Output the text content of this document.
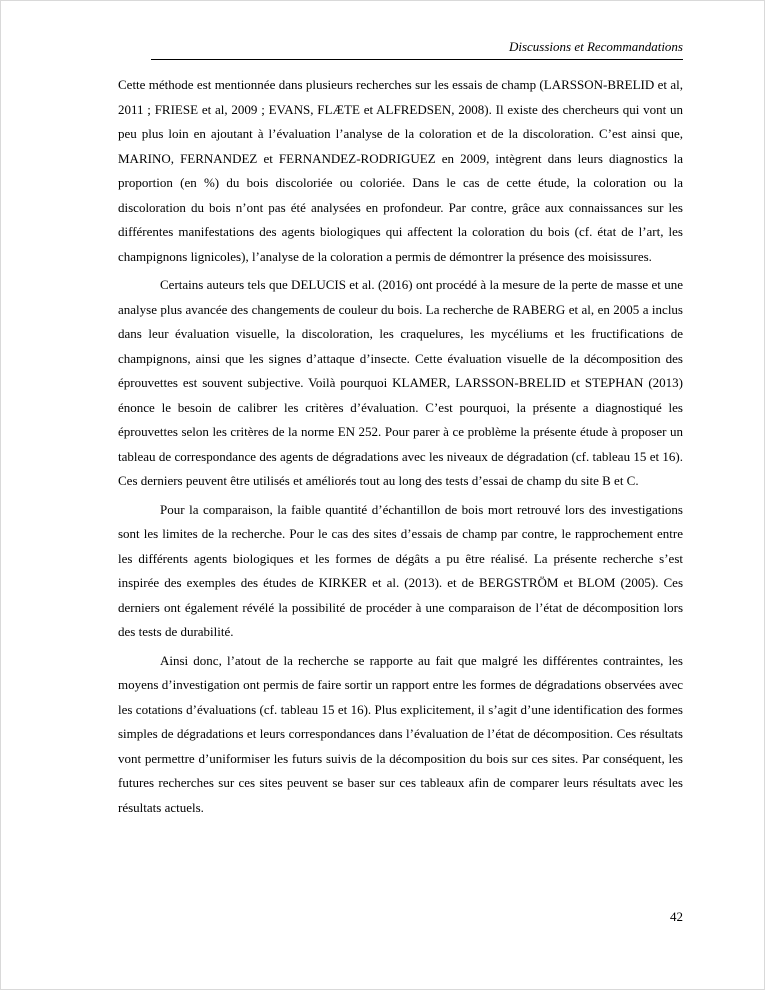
Discussions et Recommandations

Cette méthode est mentionnée dans plusieurs recherches sur les essais de champ (LARSSON-BRELID et al, 2011 ; FRIESE et al, 2009 ; EVANS, FLÆTE et ALFREDSEN, 2008). Il existe des chercheurs qui vont un peu plus loin en ajoutant à l’évaluation l’analyse de la coloration et de la discoloration. C’est ainsi que, MARINO, FERNANDEZ et FERNANDEZ-RODRIGUEZ en 2009, intègrent dans leurs diagnostics la proportion (en %) du bois discoloriée ou coloriée. Dans le cas de cette étude, la coloration ou la discoloration du bois n’ont pas été analysées en profondeur. Par contre, grâce aux connaissances sur les différentes manifestations des agents biologiques qui affectent la coloration du bois (cf. état de l’art, les champignons lignicoles), l’analyse de la coloration a permis de démontrer la présence des moisissures.

Certains auteurs tels que DELUCIS et al. (2016) ont procédé à la mesure de la perte de masse et une analyse plus avancée des changements de couleur du bois. La recherche de RABERG et al, en 2005 a inclus dans leur évaluation visuelle, la discoloration, les craquelures, les mycéliums et les fructifications de champignons, ainsi que les signes d’attaque d’insecte. Cette évaluation visuelle de la décomposition des éprouvettes est souvent subjective. Voilà pourquoi KLAMER, LARSSON-BRELID et STEPHAN (2013) énonce le besoin de calibrer les critères d’évaluation. C’est pourquoi, la présente a diagnostiqué les éprouvettes selon les critères de la norme EN 252. Pour parer à ce problème la présente étude à proposer un tableau de correspondance des agents de dégradations avec les niveaux de dégradation (cf. tableau 15 et 16). Ces derniers peuvent être utilisés et améliorés tout au long des tests d’essai de champ du site B et C.

Pour la comparaison, la faible quantité d’échantillon de bois mort retrouvé lors des investigations sont les limites de la recherche. Pour le cas des sites d’essais de champ par contre, le rapprochement entre les différents agents biologiques et les formes de dégâts a pu être réalisé. La présente recherche s’est inspirée des exemples des études de KIRKER et al. (2013). et de BERGSTRÖM et BLOM (2005). Ces derniers ont également révélé la possibilité de procéder à une comparaison de l’état de décomposition lors des tests de durabilité.

Ainsi donc, l’atout de la recherche se rapporte au fait que malgré les différentes contraintes, les moyens d’investigation ont permis de faire sortir un rapport entre les formes de dégradations observées avec les cotations d’évaluations (cf. tableau 15 et 16). Plus explicitement, il s’agit d’une identification des formes simples de dégradations et leurs correspondances dans l’évaluation de l’état de décomposition. Ces résultats vont permettre d’uniformiser les futurs suivis de la décomposition du bois sur ces sites. Par conséquent, les futures recherches sur ces sites peuvent se baser sur ces tableaux afin de comparer leurs résultats avec les résultats actuels.

42
